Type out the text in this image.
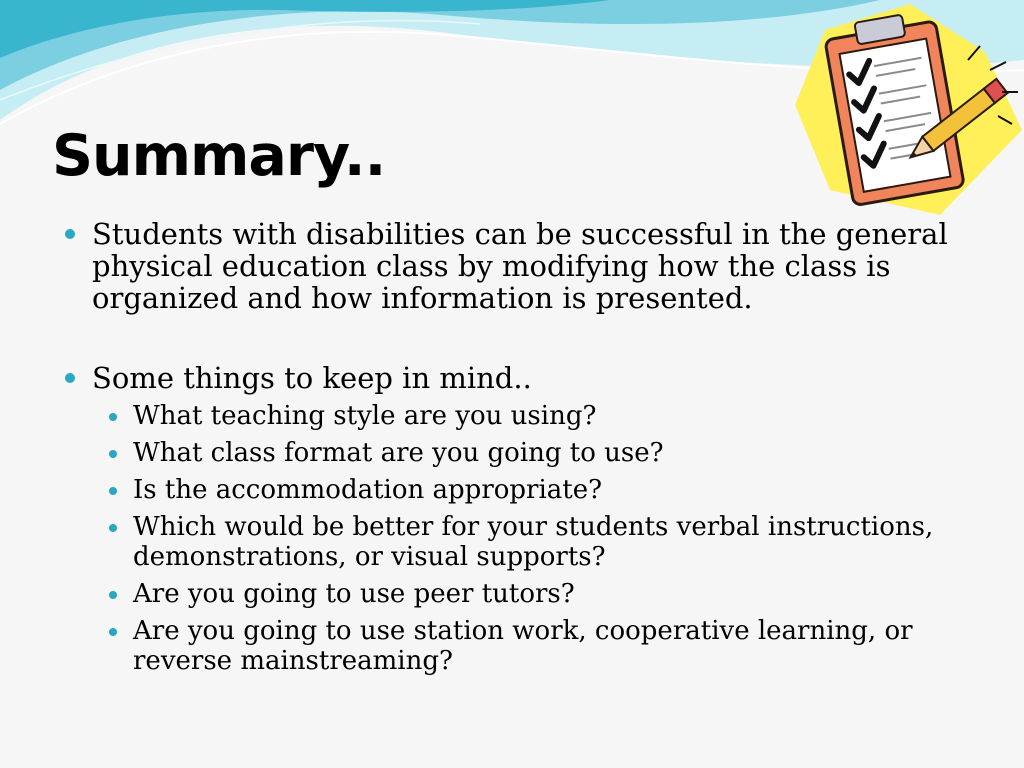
Summary..
Students with disabilities can be successful in the general physical education class by modifying how the class is organized and how information is presented.
Some things to keep in mind..
What teaching style are you using?
What class format are you going to use?
Is the accommodation appropriate?
Which would be better for your students verbal instructions, demonstrations, or visual supports?
Are you going to use peer tutors?
Are you going to use station work, cooperative learning, or reverse mainstreaming?
